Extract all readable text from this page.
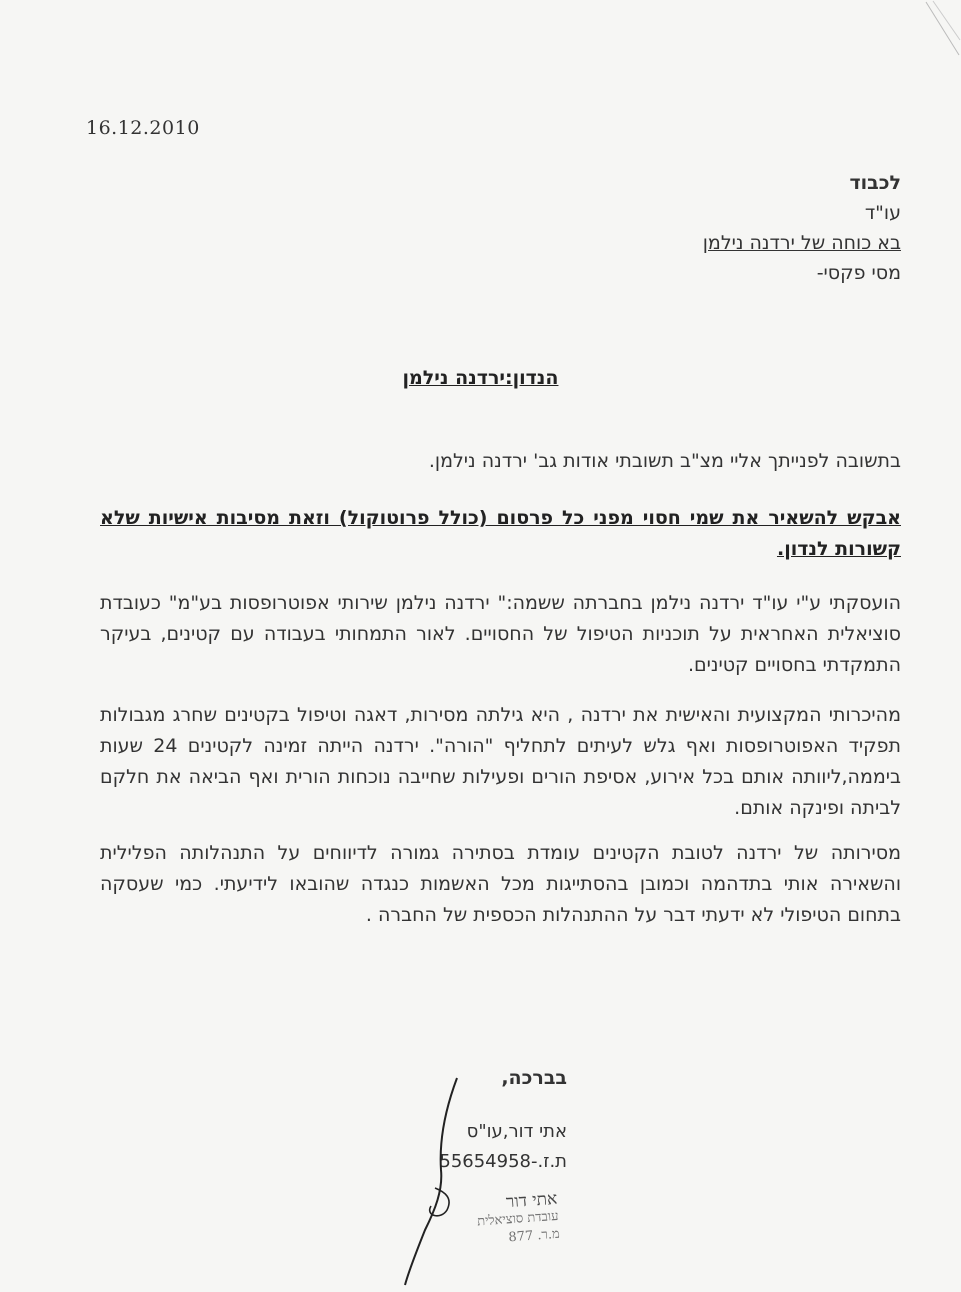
16.12.2010
לכבוד
עו"ד
בא כוחה של ירדנה נילמן
מסי פקסי-
הנדון:ירדנה נילמן
בתשובה לפנייתך אליי מצ"ב תשובתי אודות גב' ירדנה נילמן.
אבקש להשאיר את שמי חסוי מפני כל פרסום (כולל פרוטוקול) וזאת מסיבות אישיות שלא קשורות לנדון.
הועסקתי ע"י עו"ד ירדנה נילמן בחברתה ששמה:" ירדנה נילמן שירותי אפוטרופסות בע"מ" כעובדת סוציאלית האחראית על תוכניות הטיפול של החסויים. לאור התמחותי בעבודה עם קטינים, בעיקר התמקדתי בחסויים קטינים.
מהיכרותי המקצועית והאישית את ירדנה , היא גילתה מסירות, דאגה וטיפול בקטינים שחרג מגבולות תפקיד האפוטרופסות ואף גלש לעיתים לתחליף "הורה". ירדנה הייתה זמינה לקטינים 24 שעות ביממה,ליוותה אותם בכל אירוע, אסיפת הורים ופעילות שחייבה נוכחות הורית ואף הביאה את חלקם לביתה ופינקה אותם.
מסירותה של ירדנה לטובת הקטינים עומדת בסתירה גמורה לדיווחים על התנהלותה הפלילית והשאירה אותי בתדהמה וכמובן בהסתייגות מכל האשמות כנגדה שהובאו לידיעתי. כמי שעסקה בתחום הטיפולי לא ידעתי דבר על ההתנהלות הכספית של החברה .
בברכה,
אתי דור,עו"ס
ת.ז.-55654958
אתי דור
עובדת סוציאלית
מ.ר. 877
